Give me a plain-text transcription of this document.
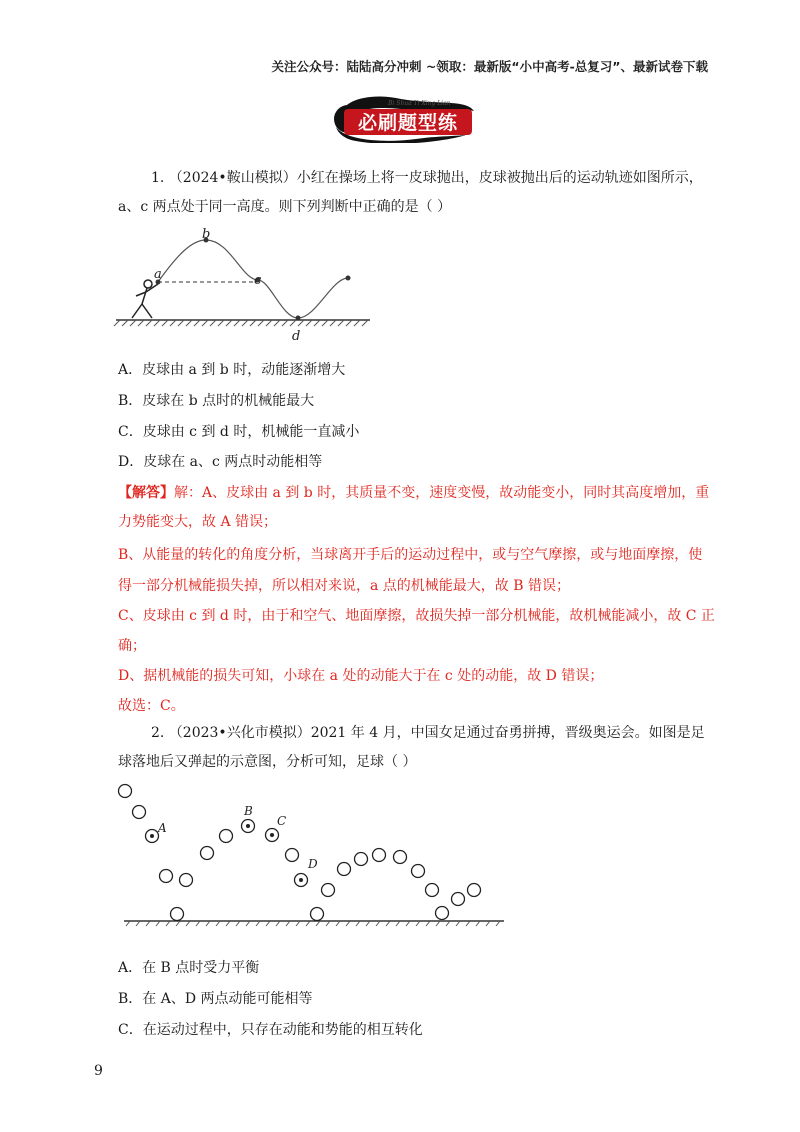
关注公众号：陆陆高分冲刺 ~领取：最新版“小中高考-总复习”、最新试卷下载
Bi Shua Ti Xing Lian
必刷题型练
1. （2024•鞍山模拟）小红在操场上将一皮球抛出，皮球被抛出后的运动轨迹如图所示，
a、c 两点处于同一高度。则下列判断中正确的是（ ）
a
b
c
d
A．皮球由 a 到 b 时，动能逐渐增大
B．皮球在 b 点时的机械能最大
C．皮球由 c 到 d 时，机械能一直减小
D．皮球在 a、c 两点时动能相等
【解答】解：A、皮球由 a 到 b 时，其质量不变，速度变慢，故动能变小，同时其高度增加，重
力势能变大，故 A 错误；
B、从能量的转化的角度分析，当球离开手后的运动过程中，或与空气摩擦，或与地面摩擦，使
得一部分机械能损失掉，所以相对来说，a 点的机械能最大，故 B 错误；
C、皮球由 c 到 d 时，由于和空气、地面摩擦，故损失掉一部分机械能，故机械能减小，故 C 正
确；
D、据机械能的损失可知，小球在 a 处的动能大于在 c 处的动能，故 D 错误；
故选：C。
2. （2023•兴化市模拟）2021 年 4 月，中国女足通过奋勇拼搏，晋级奥运会。如图是足
球落地后又弹起的示意图，分析可知，足球（ ）
A
B
C
D
A．在 B 点时受力平衡
B．在 A、D 两点动能可能相等
C．在运动过程中，只存在动能和势能的相互转化
9
